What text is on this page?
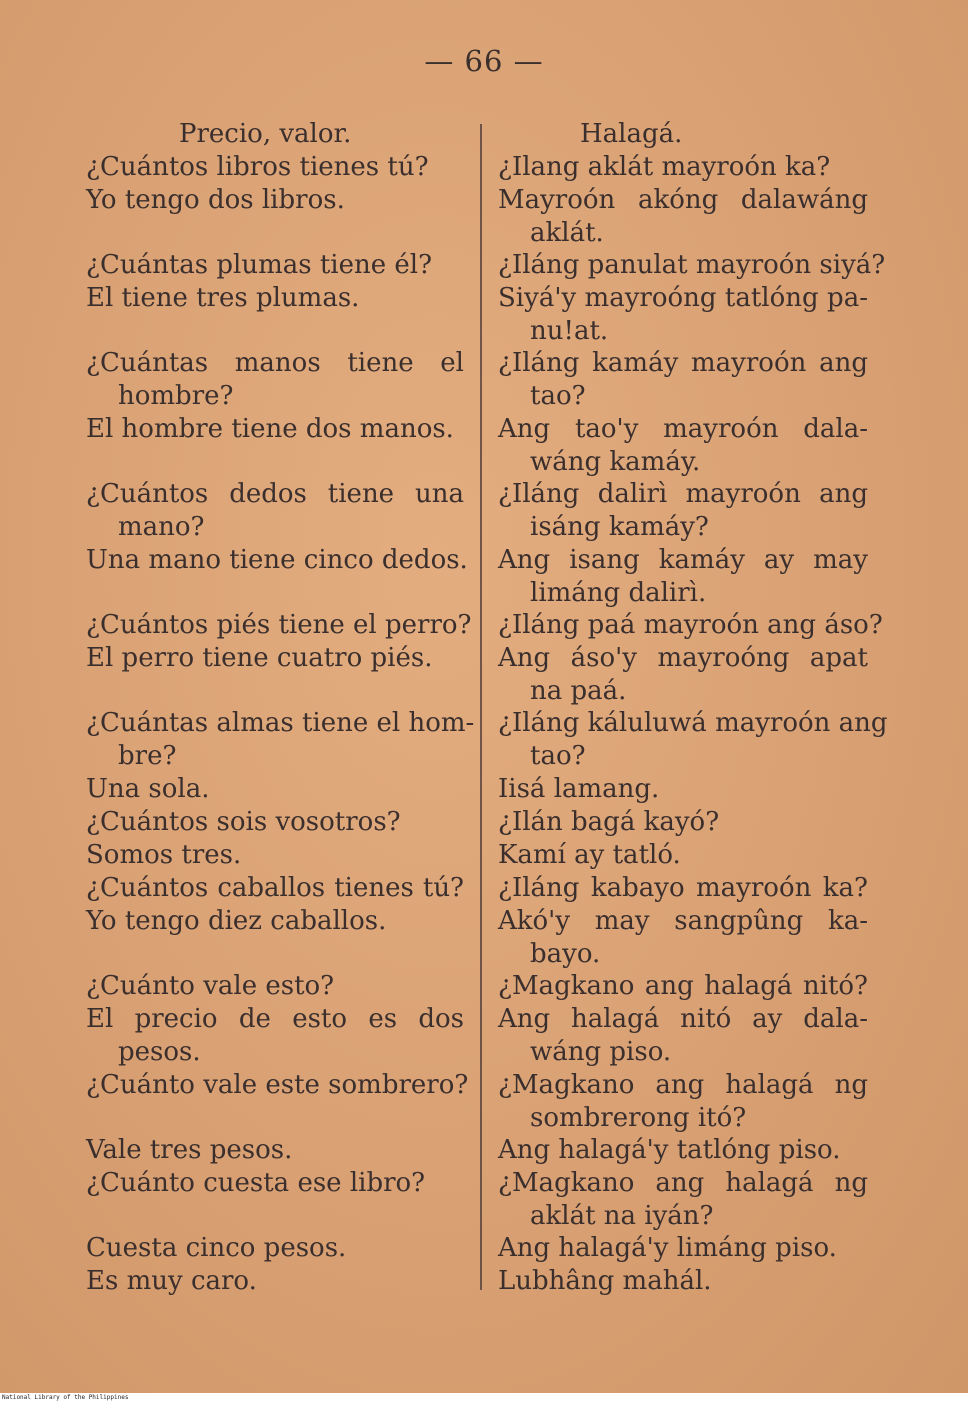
— 66 —
Precio, valor.
¿Cuántos libros tienes tú?
Yo tengo dos libros.
¿Cuántas plumas tiene él?
El tiene tres plumas.
¿Cuántas manos tiene el
hombre?
El hombre tiene dos manos.
¿Cuántos dedos tiene una
mano?
Una mano tiene cinco dedos.
¿Cuántos piés tiene el perro?
El perro tiene cuatro piés.
¿Cuántas almas tiene el hom-
bre?
Una sola.
¿Cuántos sois vosotros?
Somos tres.
¿Cuántos caballos tienes tú?
Yo tengo diez caballos.
¿Cuánto vale esto?
El precio de esto es dos
pesos.
¿Cuánto vale este sombrero?
Vale tres pesos.
¿Cuánto cuesta ese libro?
Cuesta cinco pesos.
Es muy caro.
Halagá.
¿Ilang aklát mayroón ka?
Mayroón akóng dalawáng
aklát.
¿Iláng panulat mayroón siyá?
Siyá'y mayroóng tatlóng pa-
nu!at.
¿Iláng kamáy mayroón ang
tao?
Ang tao'y mayroón dala-
wáng kamáy.
¿Iláng dalirì mayroón ang
isáng kamáy?
Ang isang kamáy ay may
limáng dalirì.
¿Iláng paá mayroón ang áso?
Ang áso'y mayroóng apat
na paá.
¿Iláng káluluwá mayroón ang
tao?
Iisá lamang.
¿Ilán bagá kayó?
Kamí ay tatló.
¿Iláng kabayo mayroón ka?
Akó'y may sangpûng ka-
bayo.
¿Magkano ang halagá nitó?
Ang halagá nitó ay dala-
wáng piso.
¿Magkano ang halagá ng
sombrerong itó?
Ang halagá'y tatlóng piso.
¿Magkano ang halagá ng
aklát na iyán?
Ang halagá'y limáng piso.
Lubhâng mahál.
National Library of the Philippines
